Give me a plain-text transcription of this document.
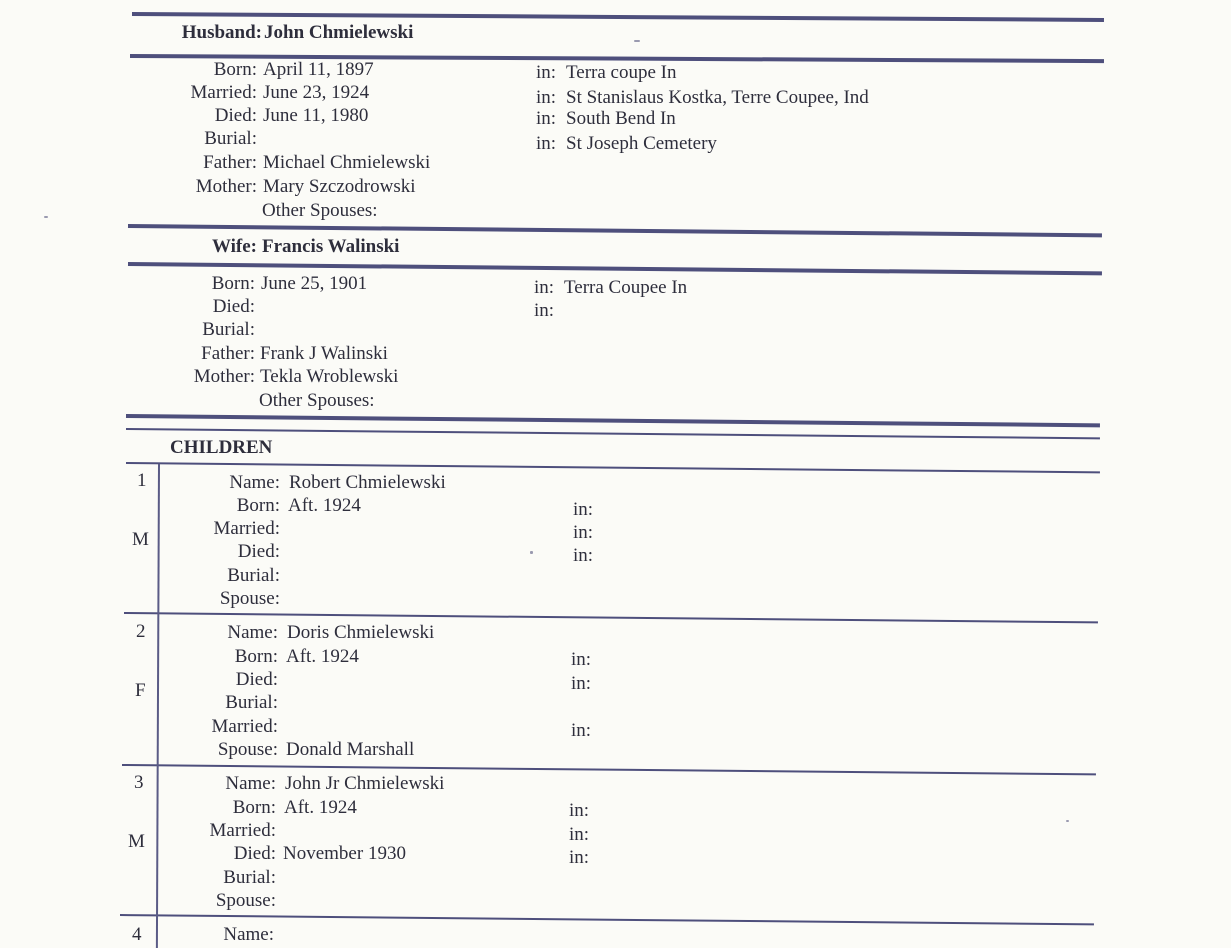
Husband: John Chmielewski
Born: April 11, 1897	in: Terra coupe In
Married: June 23, 1924	in: St Stanislaus Kostka, Terre Coupee, Ind
Died: June 11, 1980	in: South Bend In
Burial:	in: St Joseph Cemetery
Father: Michael Chmielewski
Mother: Mary Szczodrowski
Other Spouses:
Wife: Francis Walinski
Born: June 25, 1901	in: Terra Coupee In
Died:	in:
Burial:
Father: Frank J Walinski
Mother: Tekla Wroblewski
Other Spouses:
CHILDREN
1
M
Name: Robert Chmielewski
Born: Aft. 1924	in:
Married:	in:
Died:	in:
Burial:
Spouse:
2
F
Name: Doris Chmielewski
Born: Aft. 1924	in:
Died:	in:
Burial:
Married:	in:
Spouse: Donald Marshall
3
M
Name: John Jr Chmielewski
Born: Aft. 1924	in:
Married:	in:
Died: November 1930	in:
Burial:
Spouse:
4	Name:
